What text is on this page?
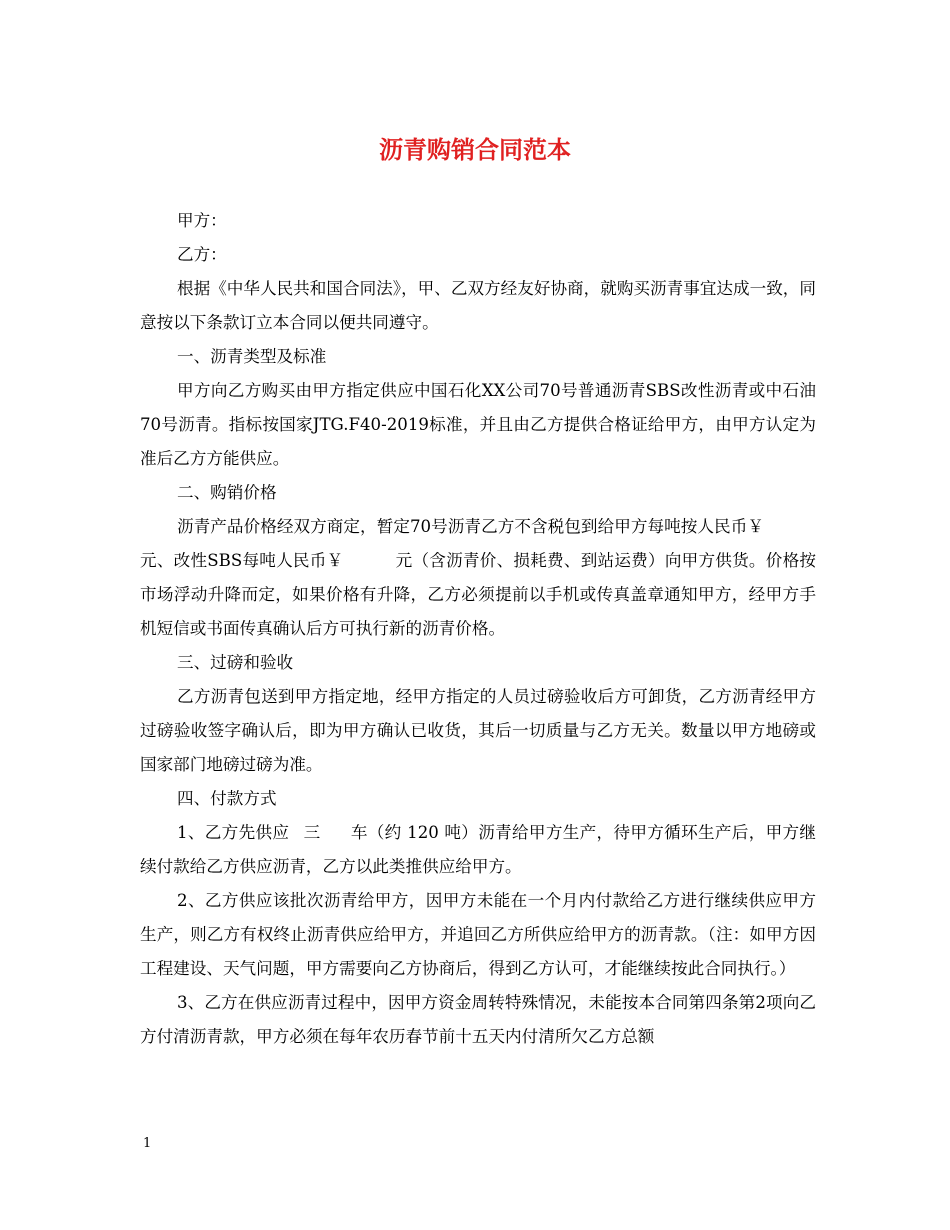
沥青购销合同范本

甲方：

乙方：

根据《中华人民共和国合同法》，甲、乙双方经友好协商，就购买沥青事宜达成一致，同意按以下条款订立本合同以便共同遵守。

一、沥青类型及标准

甲方向乙方购买由甲方指定供应中国石化XX公司70号普通沥青SBS改性沥青或中石油70号沥青。指标按国家JTG.F40-2019标准，并且由乙方提供合格证给甲方，由甲方认定为准后乙方方能供应。

二、购销价格

沥青产品价格经双方商定，暂定70号沥青乙方不含税包到给甲方每吨按人民币￥元、改性SBS每吨人民币￥	元（含沥青价、损耗费、到站运费）向甲方供货。价格按市场浮动升降而定，如果价格有升降，乙方必须提前以手机或传真盖章通知甲方，经甲方手机短信或书面传真确认后方可执行新的沥青价格。

三、过磅和验收

乙方沥青包送到甲方指定地，经甲方指定的人员过磅验收后方可卸货，乙方沥青经甲方过磅验收签字确认后，即为甲方确认已收货，其后一切质量与乙方无关。数量以甲方地磅或国家部门地磅过磅为准。

四、付款方式

1、乙方先供应 三 车（约 120 吨）沥青给甲方生产，待甲方循环生产后，甲方继续付款给乙方供应沥青，乙方以此类推供应给甲方。

2、乙方供应该批次沥青给甲方，因甲方未能在一个月内付款给乙方进行继续供应甲方生产，则乙方有权终止沥青供应给甲方，并追回乙方所供应给甲方的沥青款。（注：如甲方因工程建设、天气问题，甲方需要向乙方协商后，得到乙方认可，才能继续按此合同执行。）

3、乙方在供应沥青过程中，因甲方资金周转特殊情况，未能按本合同第四条第2项向乙方付清沥青款，甲方必须在每年农历春节前十五天内付清所欠乙方总额

1
